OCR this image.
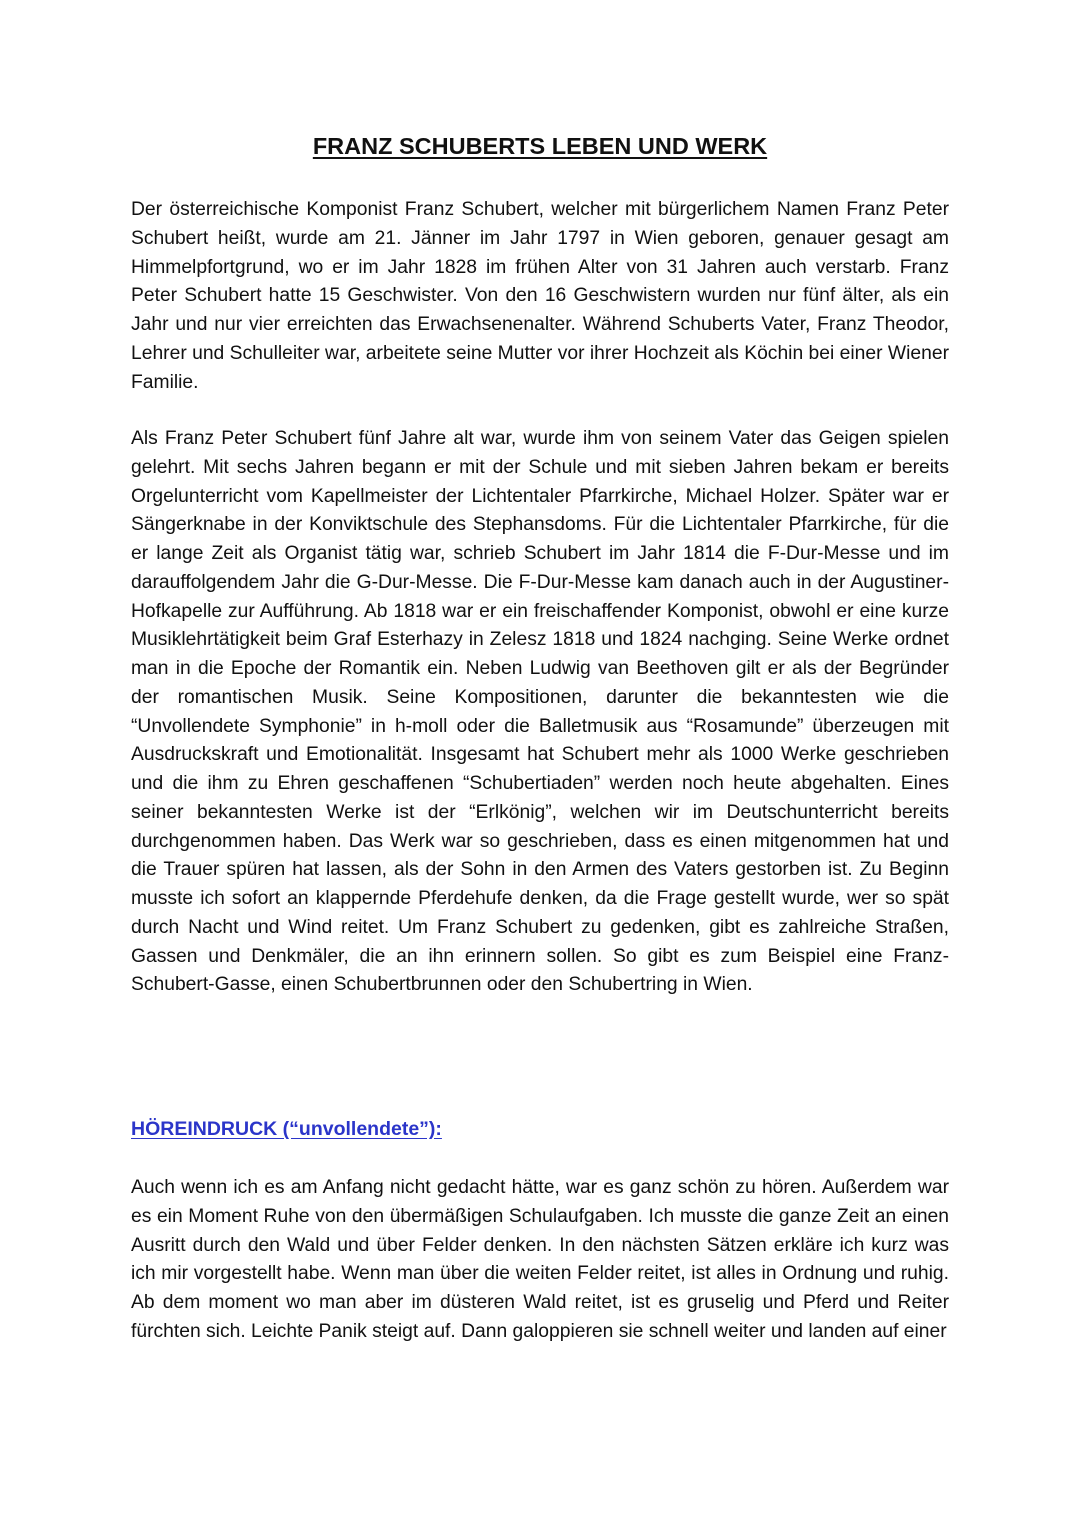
FRANZ SCHUBERTS LEBEN UND WERK

Der österreichische Komponist Franz Schubert, welcher mit bürgerlichem Namen Franz Peter Schubert heißt, wurde am 21. Jänner im Jahr 1797 in Wien geboren, genauer gesagt am Himmelpfortgrund, wo er im Jahr 1828 im frühen Alter von 31 Jahren auch verstarb. Franz Peter Schubert hatte 15 Geschwister. Von den 16 Geschwistern wurden nur fünf älter, als ein Jahr und nur vier erreichten das Erwachsenenalter. Während Schuberts Vater, Franz Theodor, Lehrer und Schulleiter war, arbeitete seine Mutter vor ihrer Hochzeit als Köchin bei einer Wiener Familie.

Als Franz Peter Schubert fünf Jahre alt war, wurde ihm von seinem Vater das Geigen spielen gelehrt. Mit sechs Jahren begann er mit der Schule und mit sieben Jahren bekam er bereits Orgelunterricht vom Kapellmeister der Lichtentaler Pfarrkirche, Michael Holzer. Später war er Sängerknabe in der Konviktschule des Stephansdoms. Für die Lichtentaler Pfarrkirche, für die er lange Zeit als Organist tätig war, schrieb Schubert im Jahr 1814 die F-Dur-Messe und im darauffolgendem Jahr die G-Dur-Messe. Die F-Dur-Messe kam danach auch in der Augustiner-Hofkapelle zur Aufführung. Ab 1818 war er ein freischaffender Komponist, obwohl er eine kurze Musiklehrtätigkeit beim Graf Esterhazy in Zelesz 1818 und 1824 nachging. Seine Werke ordnet man in die Epoche der Romantik ein. Neben Ludwig van Beethoven gilt er als der Begründer der romantischen Musik. Seine Kompositionen, darunter die bekanntesten wie die “Unvollendete Symphonie” in h-moll oder die Balletmusik aus “Rosamunde” überzeugen mit Ausdruckskraft und Emotionalität. Insgesamt hat Schubert mehr als 1000 Werke geschrieben und die ihm zu Ehren geschaffenen “Schubertiaden” werden noch heute abgehalten. Eines seiner bekanntesten Werke ist der “Erlkönig”, welchen wir im Deutschunterricht bereits durchgenommen haben. Das Werk war so geschrieben, dass es einen mitgenommen hat und die Trauer spüren hat lassen, als der Sohn in den Armen des Vaters gestorben ist. Zu Beginn musste ich sofort an klappernde Pferdehufe denken, da die Frage gestellt wurde, wer so spät durch Nacht und Wind reitet. Um Franz Schubert zu gedenken, gibt es zahlreiche Straßen, Gassen und Denkmäler, die an ihn erinnern sollen. So gibt es zum Beispiel eine Franz-Schubert-Gasse, einen Schubertbrunnen oder den Schubertring in Wien.

HÖREINDRUCK (“unvollendete”):

Auch wenn ich es am Anfang nicht gedacht hätte, war es ganz schön zu hören. Außerdem war es ein Moment Ruhe von den übermäßigen Schulaufgaben. Ich musste die ganze Zeit an einen Ausritt durch den Wald und über Felder denken. In den nächsten Sätzen erkläre ich kurz was ich mir vorgestellt habe. Wenn man über die weiten Felder reitet, ist alles in Ordnung und ruhig. Ab dem moment wo man aber im düsteren Wald reitet, ist es gruselig und Pferd und Reiter fürchten sich. Leichte Panik steigt auf. Dann galoppieren sie schnell weiter und landen auf einer
